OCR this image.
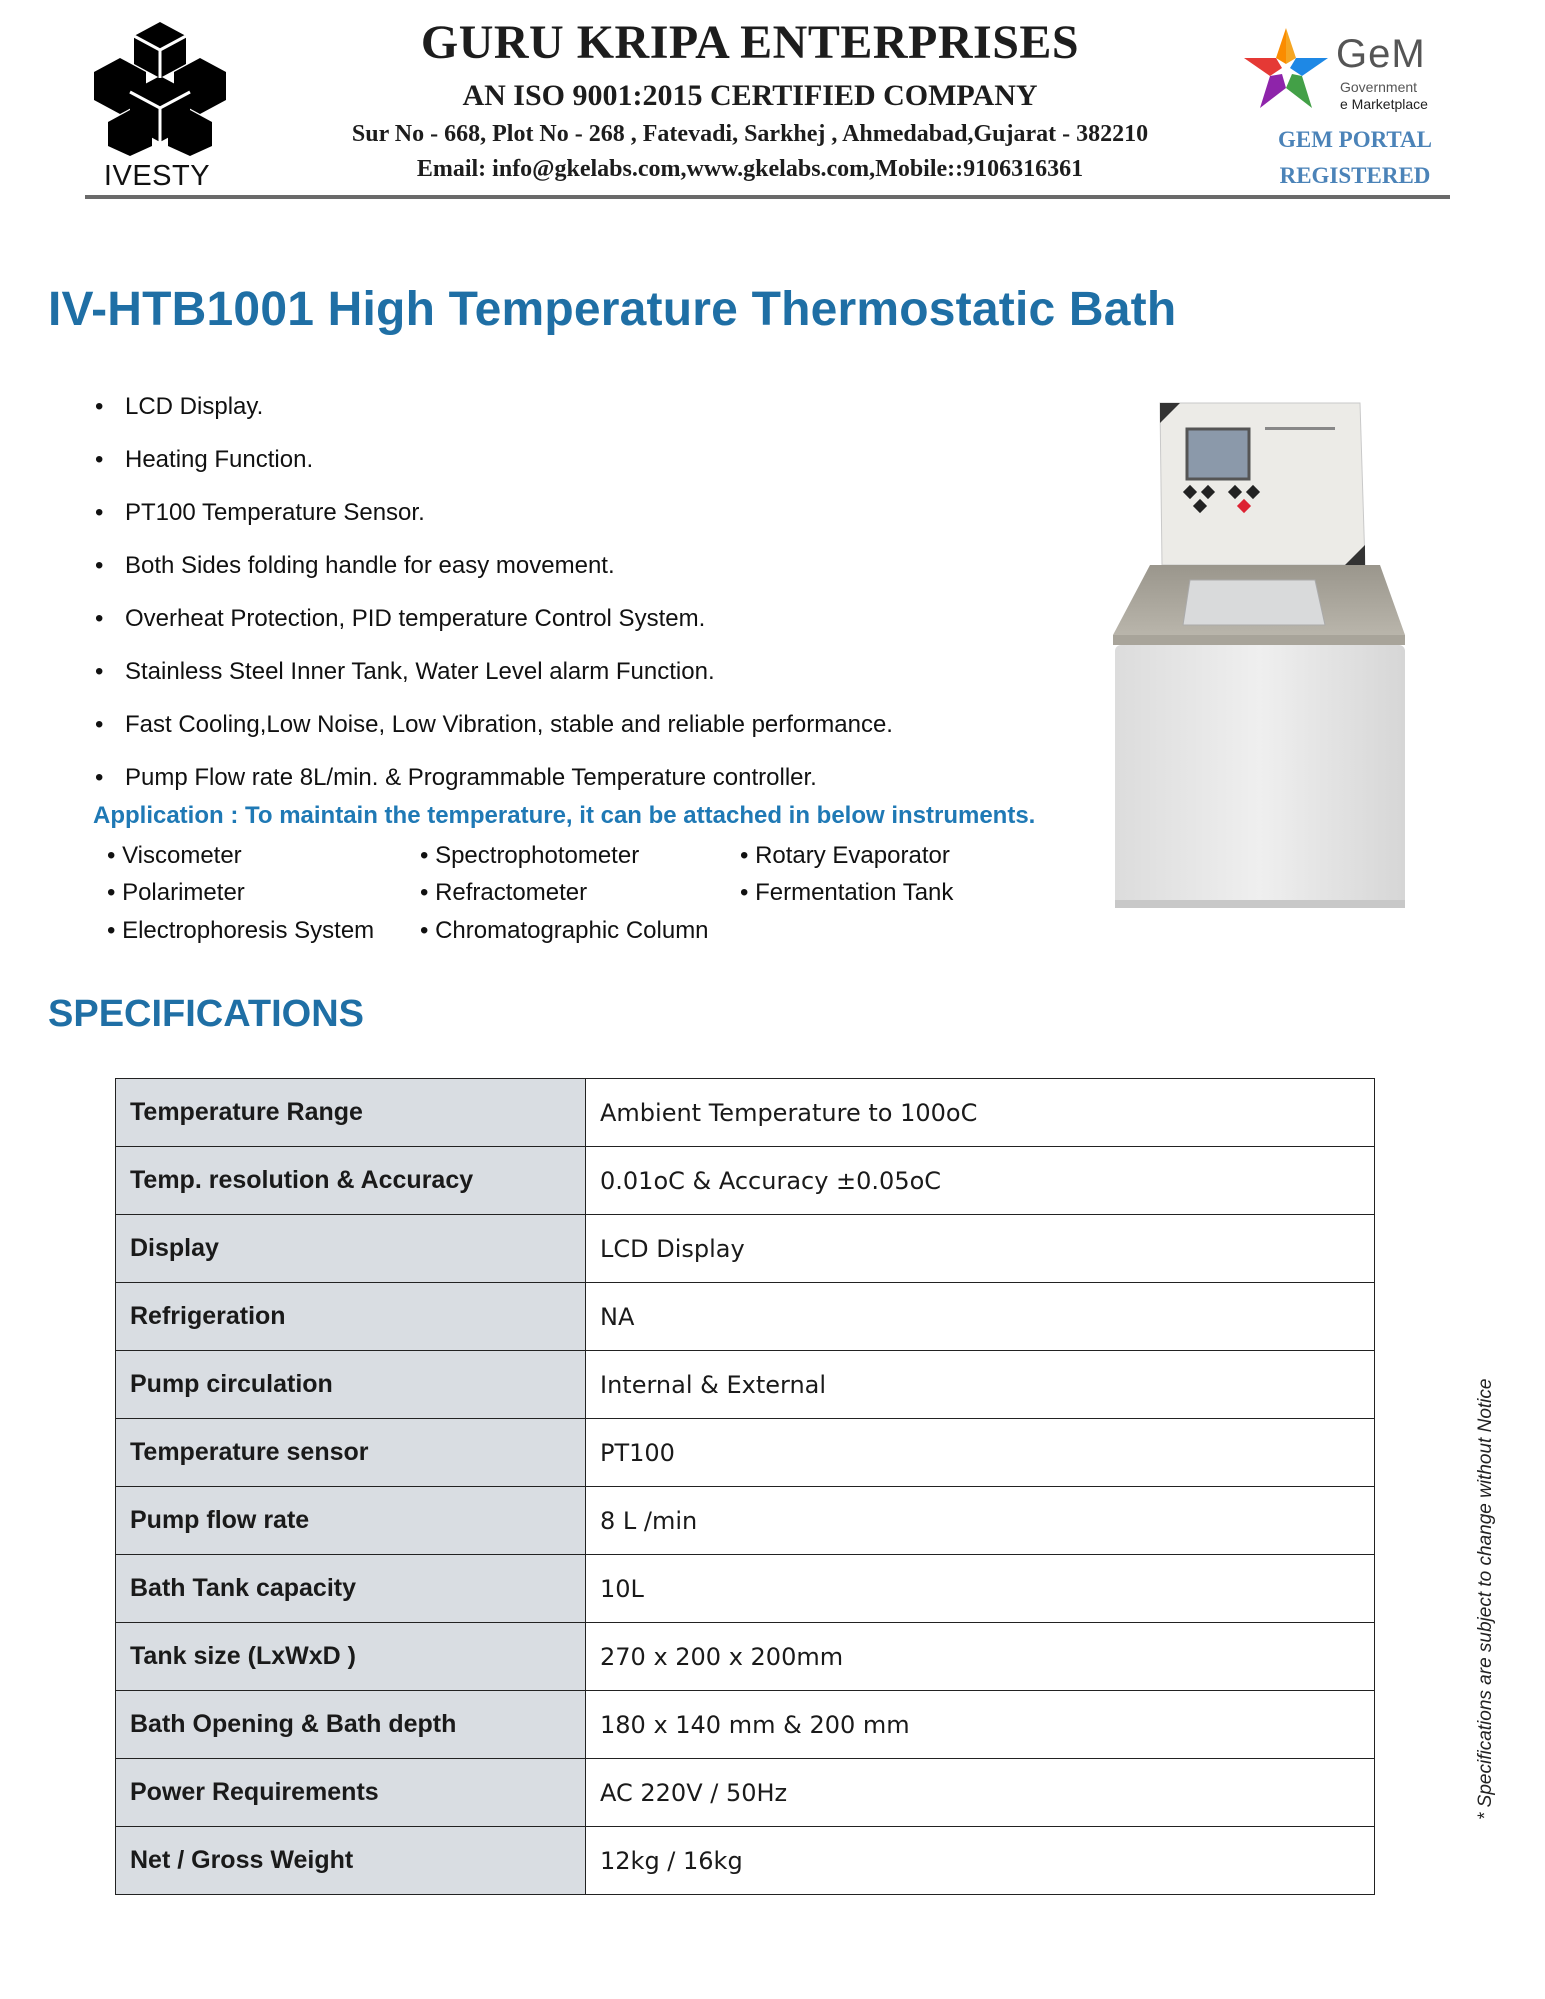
IVESTY
GURU KRIPA ENTERPRISES
AN ISO 9001:2015 CERTIFIED COMPANY
Sur No - 668, Plot No - 268 , Fatevadi, Sarkhej , Ahmedabad,Gujarat - 382210
Email: info@gkelabs.com,www.gkelabs.com,Mobile::9106316361
GeM
Government
e Marketplace
GEM PORTAL
REGISTERED
IV-HTB1001 High Temperature Thermostatic Bath
• LCD Display.
• Heating Function.
• PT100 Temperature Sensor.
• Both Sides folding handle for easy movement.
• Overheat Protection, PID temperature Control System.
• Stainless Steel Inner Tank, Water Level alarm Function.
• Fast Cooling,Low Noise, Low Vibration, stable and reliable performance.
• Pump Flow rate 8L/min. & Programmable Temperature controller.
Application : To maintain the temperature, it can be attached in below instruments.
• Viscometer	• Spectrophotometer	• Rotary Evaporator
• Polarimeter	• Refractometer	• Fermentation Tank
• Electrophoresis System • Chromatographic Column
SPECIFICATIONS
Temperature Range	Ambient Temperature to 100oC
Temp. resolution & Accuracy	0.01oC & Accuracy ±0.05oC
Display	LCD Display
Refrigeration	NA
Pump circulation	Internal & External
Temperature sensor	PT100
Pump flow rate	8 L /min
Bath Tank capacity	10L
Tank size (LxWxD )	270 x 200 x 200mm
Bath Opening & Bath depth	180 x 140 mm & 200 mm
Power Requirements	AC 220V / 50Hz
Net / Gross Weight	12kg / 16kg
* Specifications are subject to change without Notice
